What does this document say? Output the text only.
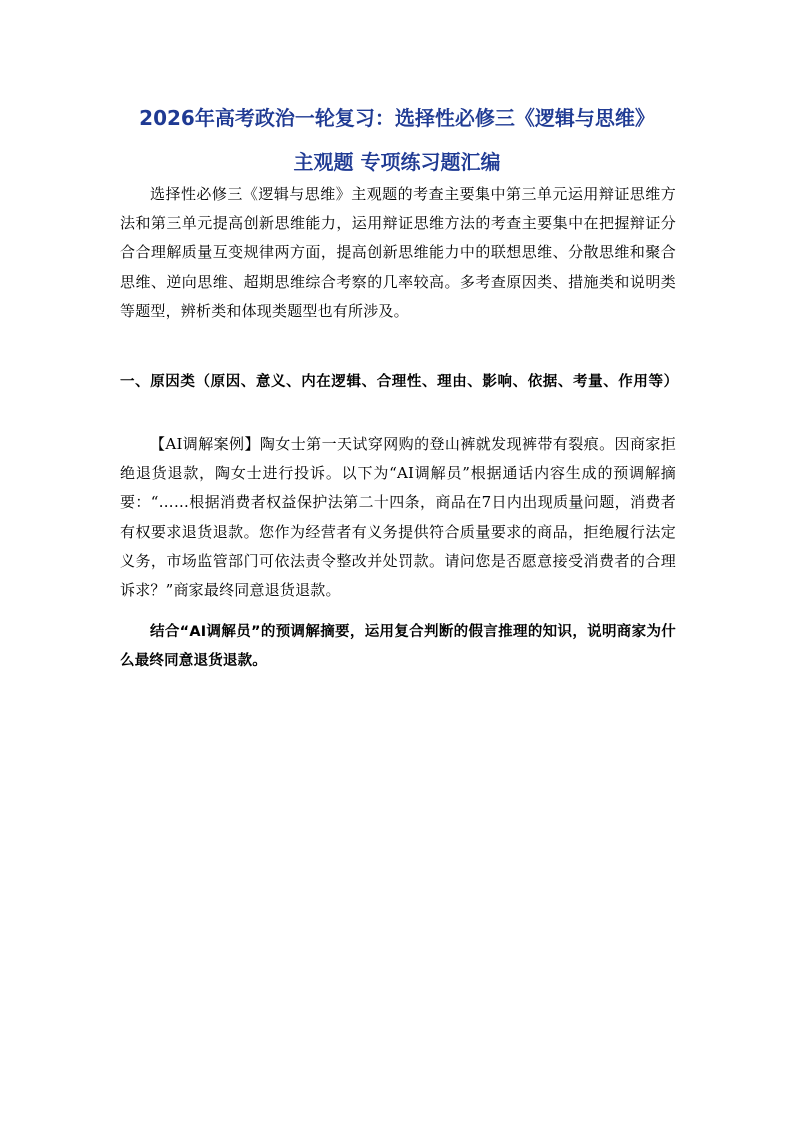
2026年高考政治一轮复习：选择性必修三《逻辑与思维》
主观题 专项练习题汇编

选择性必修三《逻辑与思维》主观题的考查主要集中第三单元运用辩证思维方法和第三单元提高创新思维能力，运用辩证思维方法的考查主要集中在把握辩证分合合理解质量互变规律两方面，提高创新思维能力中的联想思维、分散思维和聚合思维、逆向思维、超期思维综合考察的几率较高。多考查原因类、措施类和说明类等题型，辨析类和体现类题型也有所涉及。

一、原因类（原因、意义、内在逻辑、合理性、理由、影响、依据、考量、作用等）

【AI调解案例】陶女士第一天试穿网购的登山裤就发现裤带有裂痕。因商家拒绝退货退款，陶女士进行投诉。以下为“AI调解员”根据通话内容生成的预调解摘要：“……根据消费者权益保护法第二十四条，商品在7日内出现质量问题，消费者有权要求退货退款。您作为经营者有义务提供符合质量要求的商品，拒绝履行法定义务，市场监管部门可依法责令整改并处罚款。请问您是否愿意接受消费者的合理诉求？”商家最终同意退货退款。

结合“AI调解员”的预调解摘要，运用复合判断的假言推理的知识，说明商家为什么最终同意退货退款。
